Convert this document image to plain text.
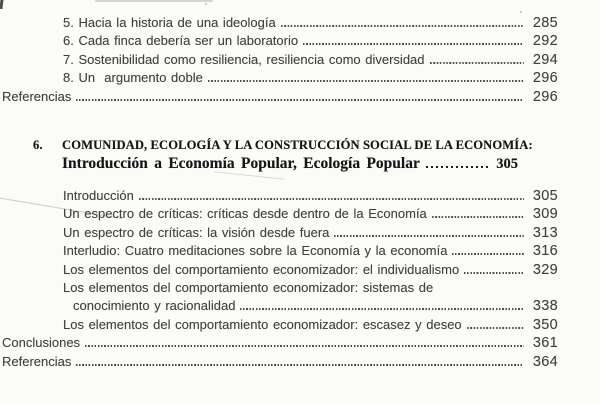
5. Hacia la historia de una ideología	285
6. Cada finca debería ser un laboratorio	292
7. Sostenibilidad como resiliencia, resiliencia como diversidad	294
8. Un  argumento doble	296
Referencias	296
6.	COMUNIDAD, ECOLOGÍA Y LA CONSTRUCCIÓN SOCIAL DE LA ECONOMÍA:
Introducción a Economía Popular, Ecología Popular	305
Introducción	305
Un espectro de críticas: críticas desde dentro de la Economía	309
Un espectro de críticas: la visión desde fuera	313
Interludio: Cuatro meditaciones sobre la Economía y la economía	316
Los elementos del comportamiento economizador: el individualismo	329
Los elementos del comportamiento economizador: sistemas de
conocimiento y racionalidad	338
Los elementos del comportamiento economizador: escasez y deseo	350
Conclusiones	361
Referencias	364
